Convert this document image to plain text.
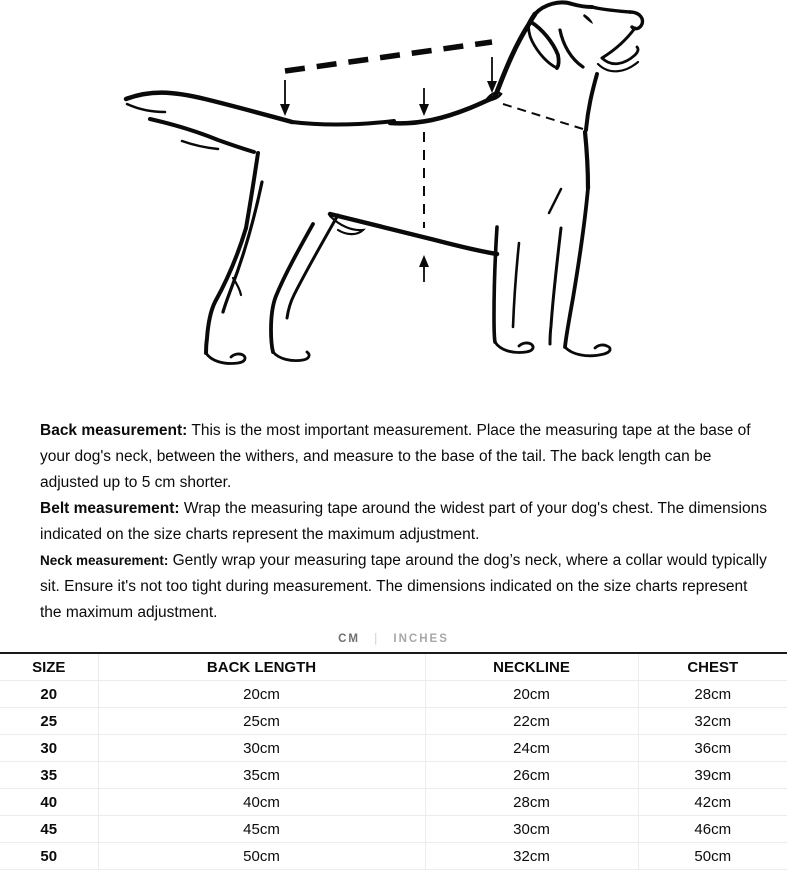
Back measurement: This is the most important measurement. Place the measuring tape at the base of your dog's neck, between the withers, and measure to the base of the tail. The back length can be adjusted up to 5 cm shorter.

Belt measurement: Wrap the measuring tape around the widest part of your dog's chest. The dimensions indicated on the size charts represent the maximum adjustment.

Neck measurement: Gently wrap your measuring tape around the dog’s neck, where a collar would typically sit. Ensure it's not too tight during measurement. The dimensions indicated on the size charts represent the maximum adjustment.

CM | INCHES
SIZE	BACK LENGTH	NECKLINE	CHEST
20	20cm	20cm	28cm
25	25cm	22cm	32cm
30	30cm	24cm	36cm
35	35cm	26cm	39cm
40	40cm	28cm	42cm
45	45cm	30cm	46cm
50	50cm	32cm	50cm
